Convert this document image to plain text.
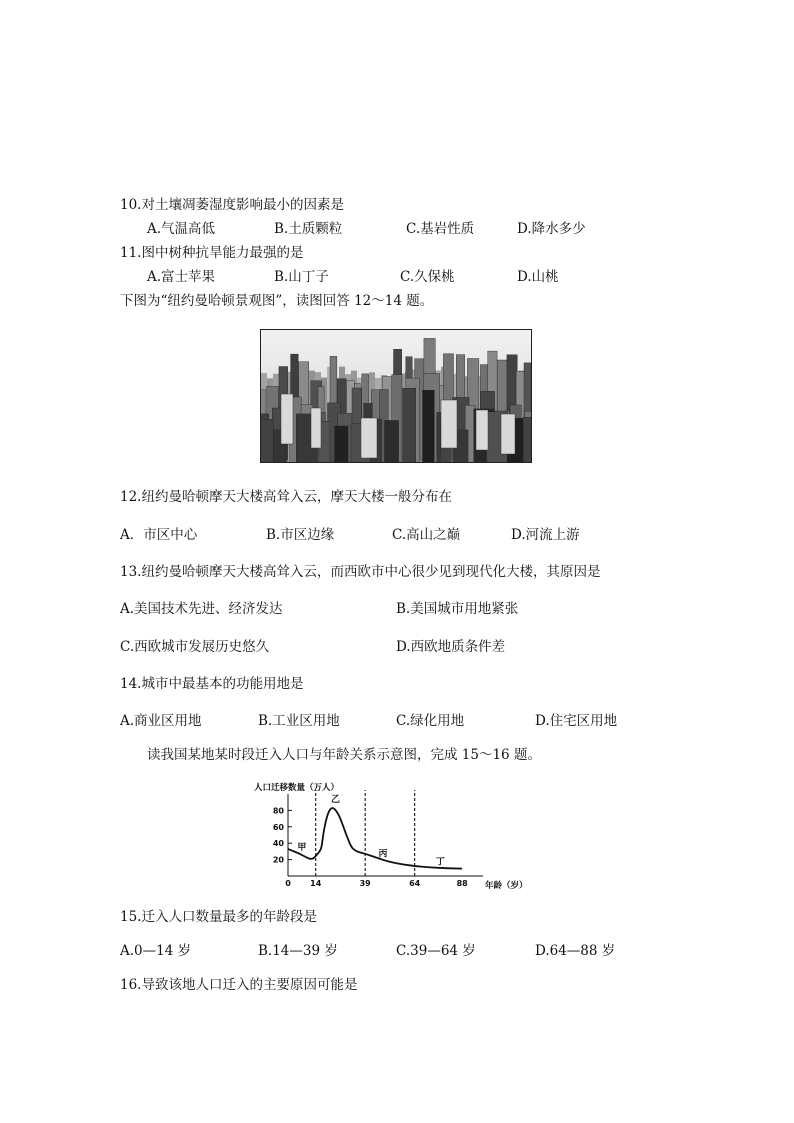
10.对土壤凋萎湿度影响最小的因素是
A.气温高低	B.土质颗粒	C.基岩性质	D.降水多少
11.图中树种抗旱能力最强的是
A.富士苹果	B.山丁子	C.久保桃	D.山桃
下图为“纽约曼哈顿景观图”，读图回答 12～14 题。
12.纽约曼哈顿摩天大楼高耸入云，摩天大楼一般分布在
A．市区中心	B.市区边缘	C.高山之巅	D.河流上游
13.纽约曼哈顿摩天大楼高耸入云，而西欧市中心很少见到现代化大楼，其原因是
A.美国技术先进、经济发达	B.美国城市用地紧张
C.西欧城市发展历史悠久	D.西欧地质条件差
14.城市中最基本的功能用地是
A.商业区用地	B.工业区用地	C.绿化用地	D.住宅区用地
读我国某地某时段迁入人口与年龄关系示意图，完成 15～16 题。
人口迁移数量（万人）
20
40
60
80
0 14	39	64	88
甲
乙
丙
丁
年龄（岁）
15.迁入人口数量最多的年龄段是
A.0—14 岁	B.14—39 岁	C.39—64 岁	D.64—88 岁
16.导致该地人口迁入的主要原因可能是
